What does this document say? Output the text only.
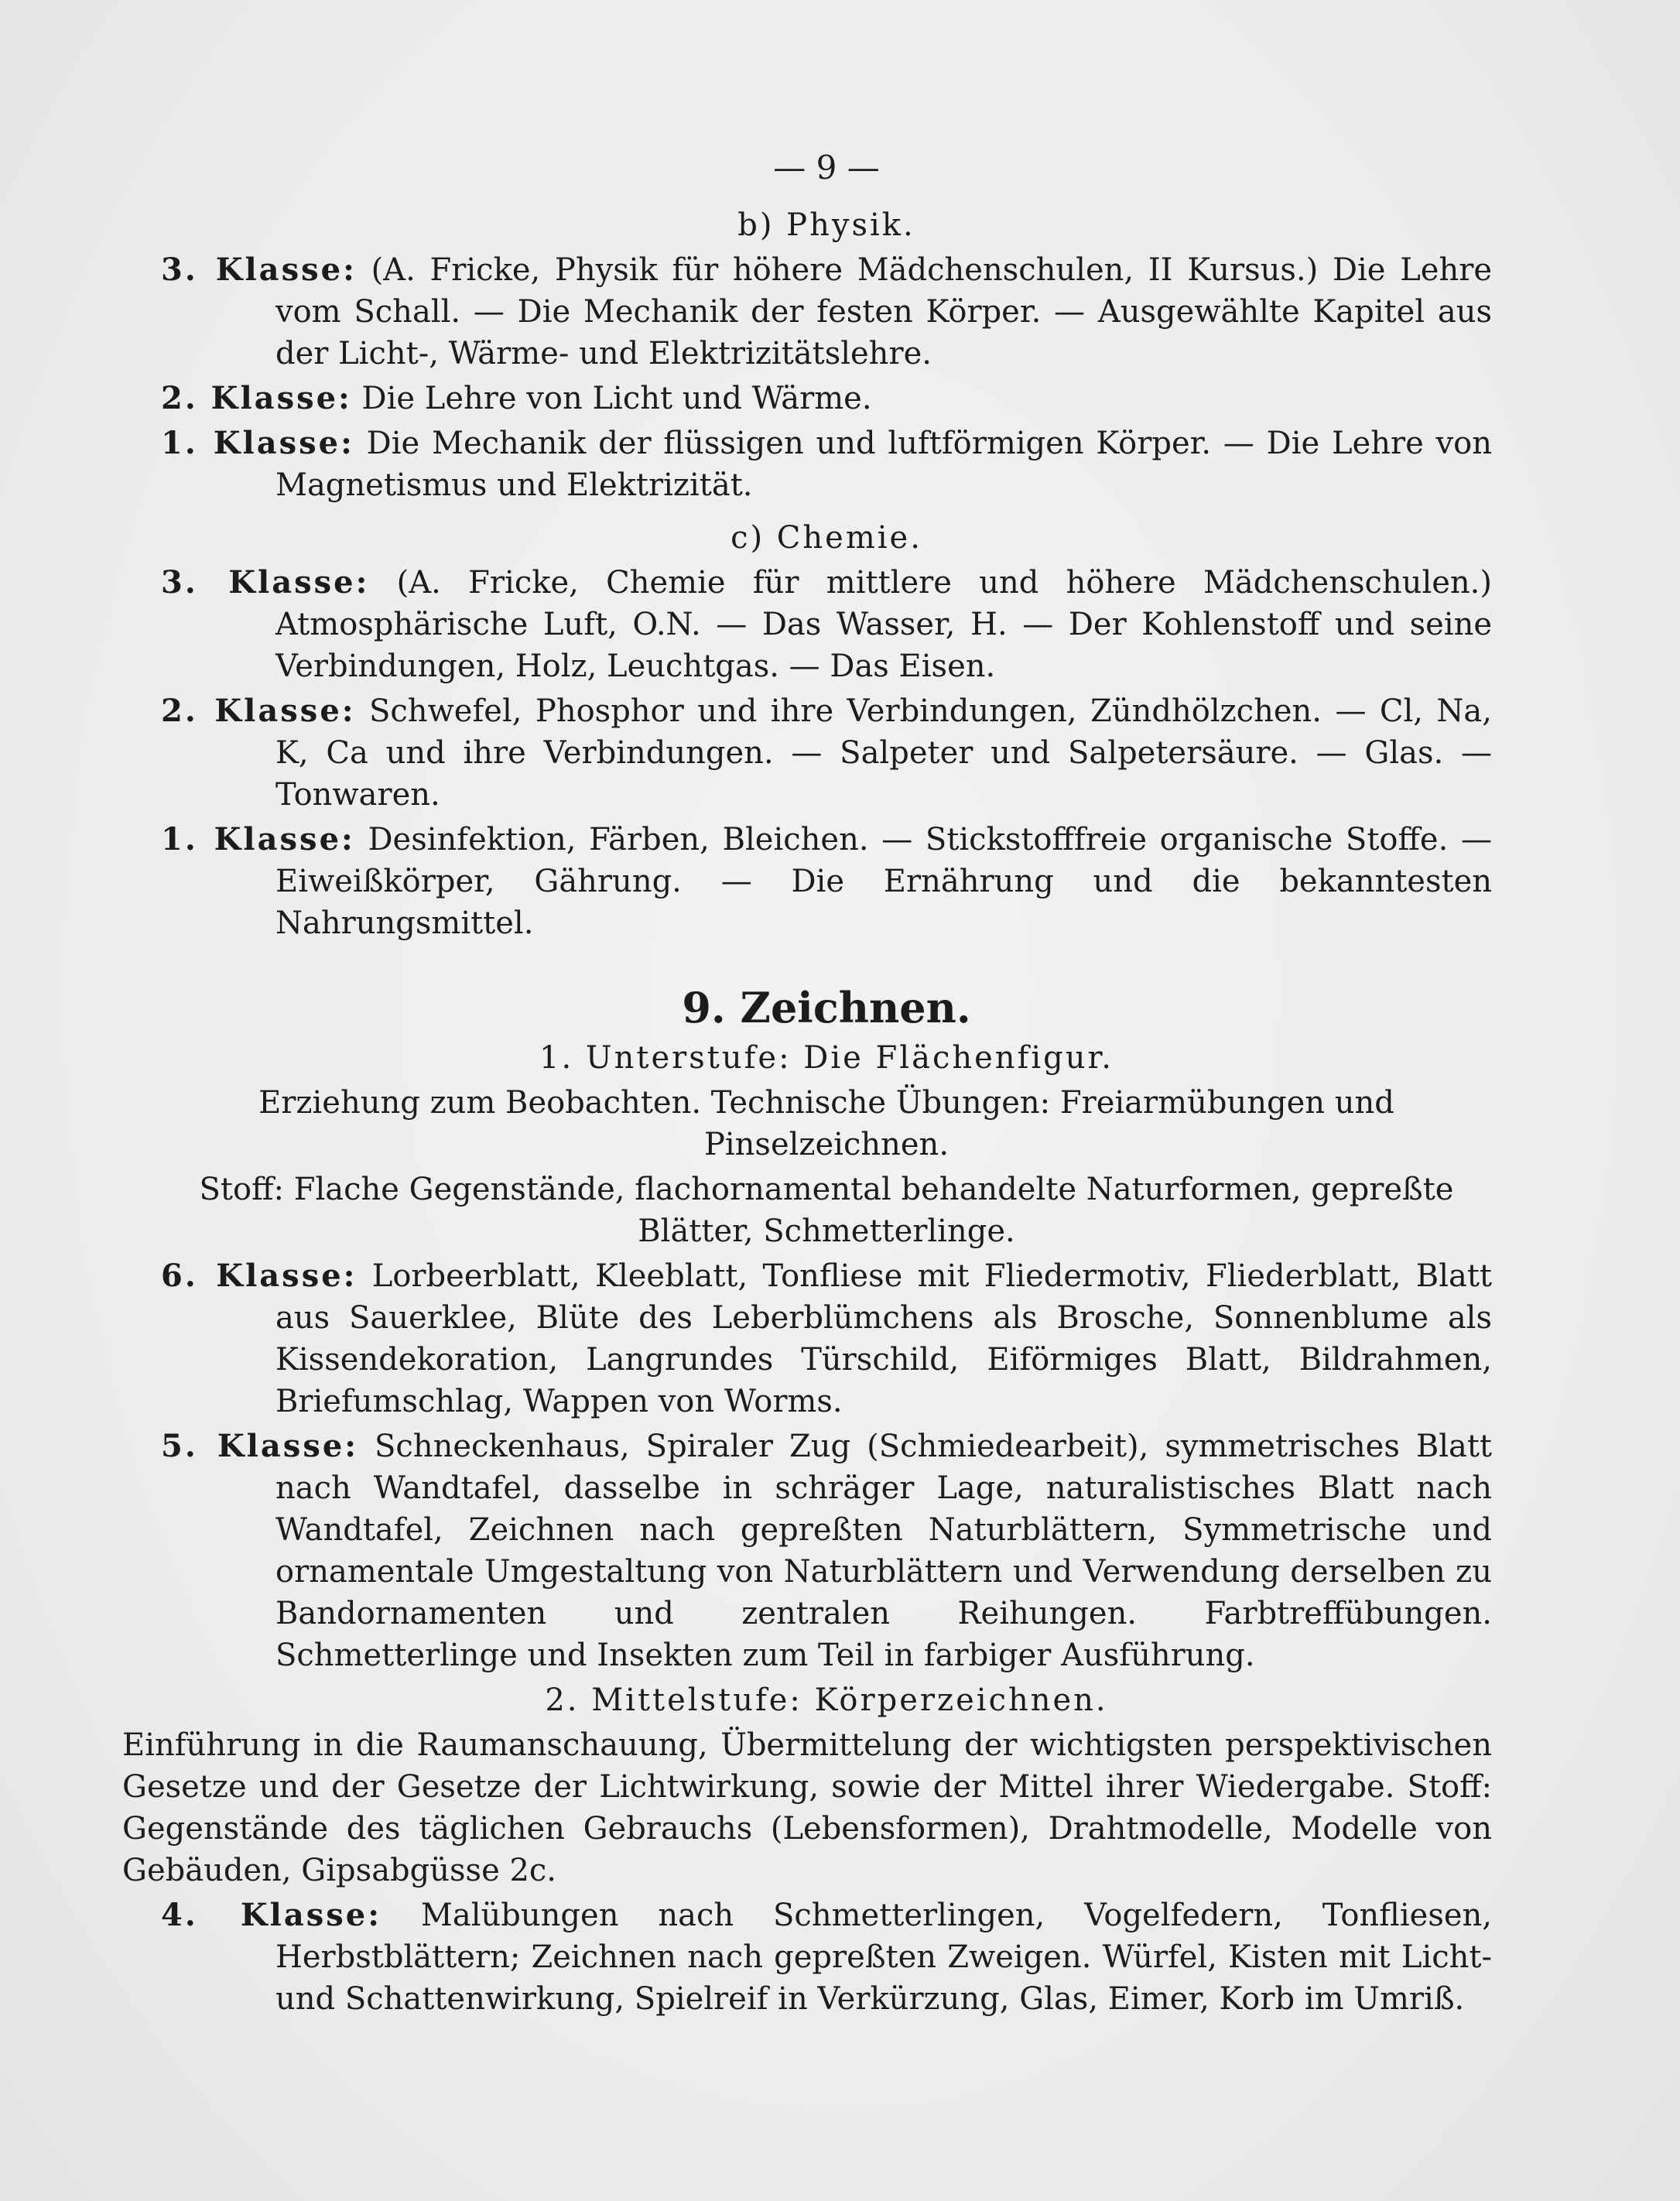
— 9 —
b) Physik.
3. Klasse: (A. Fricke, Physik für höhere Mädchenschulen, II Kursus.) Die Lehre vom Schall. — Die Mechanik der festen Körper. — Ausgewählte Kapitel aus der Licht-, Wärme- und Elektrizitätslehre.
2. Klasse: Die Lehre von Licht und Wärme.
1. Klasse: Die Mechanik der flüssigen und luftförmigen Körper. — Die Lehre von Magnetismus und Elektrizität.
c) Chemie.
3. Klasse: (A. Fricke, Chemie für mittlere und höhere Mädchenschulen.) Atmosphärische Luft, O.N. — Das Wasser, H. — Der Kohlenstoff und seine Verbindungen, Holz, Leuchtgas. — Das Eisen.
2. Klasse: Schwefel, Phosphor und ihre Verbindungen, Zündhölzchen. — Cl, Na, K, Ca und ihre Verbindungen. — Salpeter und Salpetersäure. — Glas. — Tonwaren.
1. Klasse: Desinfektion, Färben, Bleichen. — Stickstofffreie organische Stoffe. — Eiweißkörper, Gährung. — Die Ernährung und die bekanntesten Nahrungsmittel.
9. Zeichnen.
1. Unterstufe: Die Flächenfigur.
Erziehung zum Beobachten. Technische Übungen: Freiarmübungen und Pinselzeichnen.
Stoff: Flache Gegenstände, flachornamental behandelte Naturformen, gepreßte Blätter, Schmetterlinge.
6. Klasse: Lorbeerblatt, Kleeblatt, Tonfliese mit Fliedermotiv, Fliederblatt, Blatt aus Sauerklee, Blüte des Leberblümchens als Brosche, Sonnenblume als Kissendekoration, Langrundes Türschild, Eiförmiges Blatt, Bildrahmen, Briefumschlag, Wappen von Worms.
5. Klasse: Schneckenhaus, Spiraler Zug (Schmiedearbeit), symmetrisches Blatt nach Wandtafel, dasselbe in schräger Lage, naturalistisches Blatt nach Wandtafel, Zeichnen nach gepreßten Naturblättern, Symmetrische und ornamentale Umgestaltung von Naturblättern und Verwendung derselben zu Bandornamenten und zentralen Reihungen. Farbtreffübungen. Schmetterlinge und Insekten zum Teil in farbiger Ausführung.
2. Mittelstufe: Körperzeichnen.
Einführung in die Raumanschauung, Übermittelung der wichtigsten perspektivischen Gesetze und der Gesetze der Lichtwirkung, sowie der Mittel ihrer Wiedergabe. Stoff: Gegenstände des täglichen Gebrauchs (Lebensformen), Drahtmodelle, Modelle von Gebäuden, Gipsabgüsse 2c.
4. Klasse: Malübungen nach Schmetterlingen, Vogelfedern, Tonfliesen, Herbstblättern; Zeichnen nach gepreßten Zweigen. Würfel, Kisten mit Licht- und Schattenwirkung, Spielreif in Verkürzung, Glas, Eimer, Korb im Umriß.
